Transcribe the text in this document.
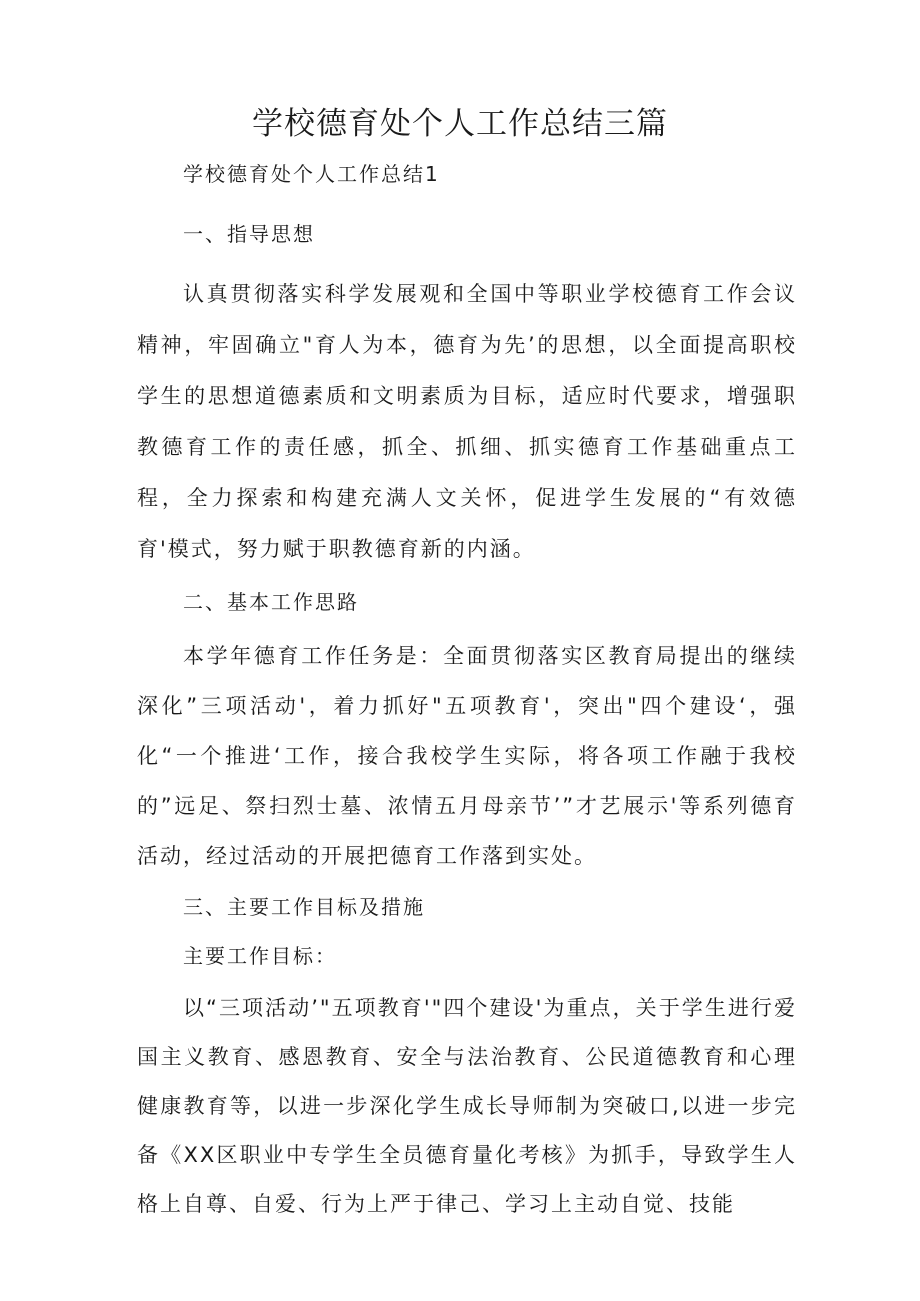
学校德育处个人工作总结三篇

学校德育处个人工作总结1

一、指导思想

认真贯彻落实科学发展观和全国中等职业学校德育工作会议精神，牢固确立"育人为本，德育为先’的思想，以全面提高职校学生的思想道德素质和文明素质为目标，适应时代要求，增强职教德育工作的责任感，抓全、抓细、抓实德育工作基础重点工程，全力探索和构建充满人文关怀，促进学生发展的“有效德育'模式，努力赋于职教德育新的内涵。

二、基本工作思路

本学年德育工作任务是：全面贯彻落实区教育局提出的继续深化”三项活动'，着力抓好"五项教育'，突出"四个建设‘，强化“一个推进‘工作，接合我校学生实际，将各项工作融于我校的”远足、祭扫烈士墓、浓情五月母亲节’”才艺展示'等系列德育活动，经过活动的开展把德育工作落到实处。

三、主要工作目标及措施

主要工作目标：

以“三项活动’"五项教育'"四个建设'为重点，关于学生进行爱国主义教育、感恩教育、安全与法治教育、公民道德教育和心理健康教育等，以进一步深化学生成长导师制为突破口,以进一步完备《XX区职业中专学生全员德育量化考核》为抓手，导致学生人格上自尊、自爱、行为上严于律己、学习上主动自觉、技能
